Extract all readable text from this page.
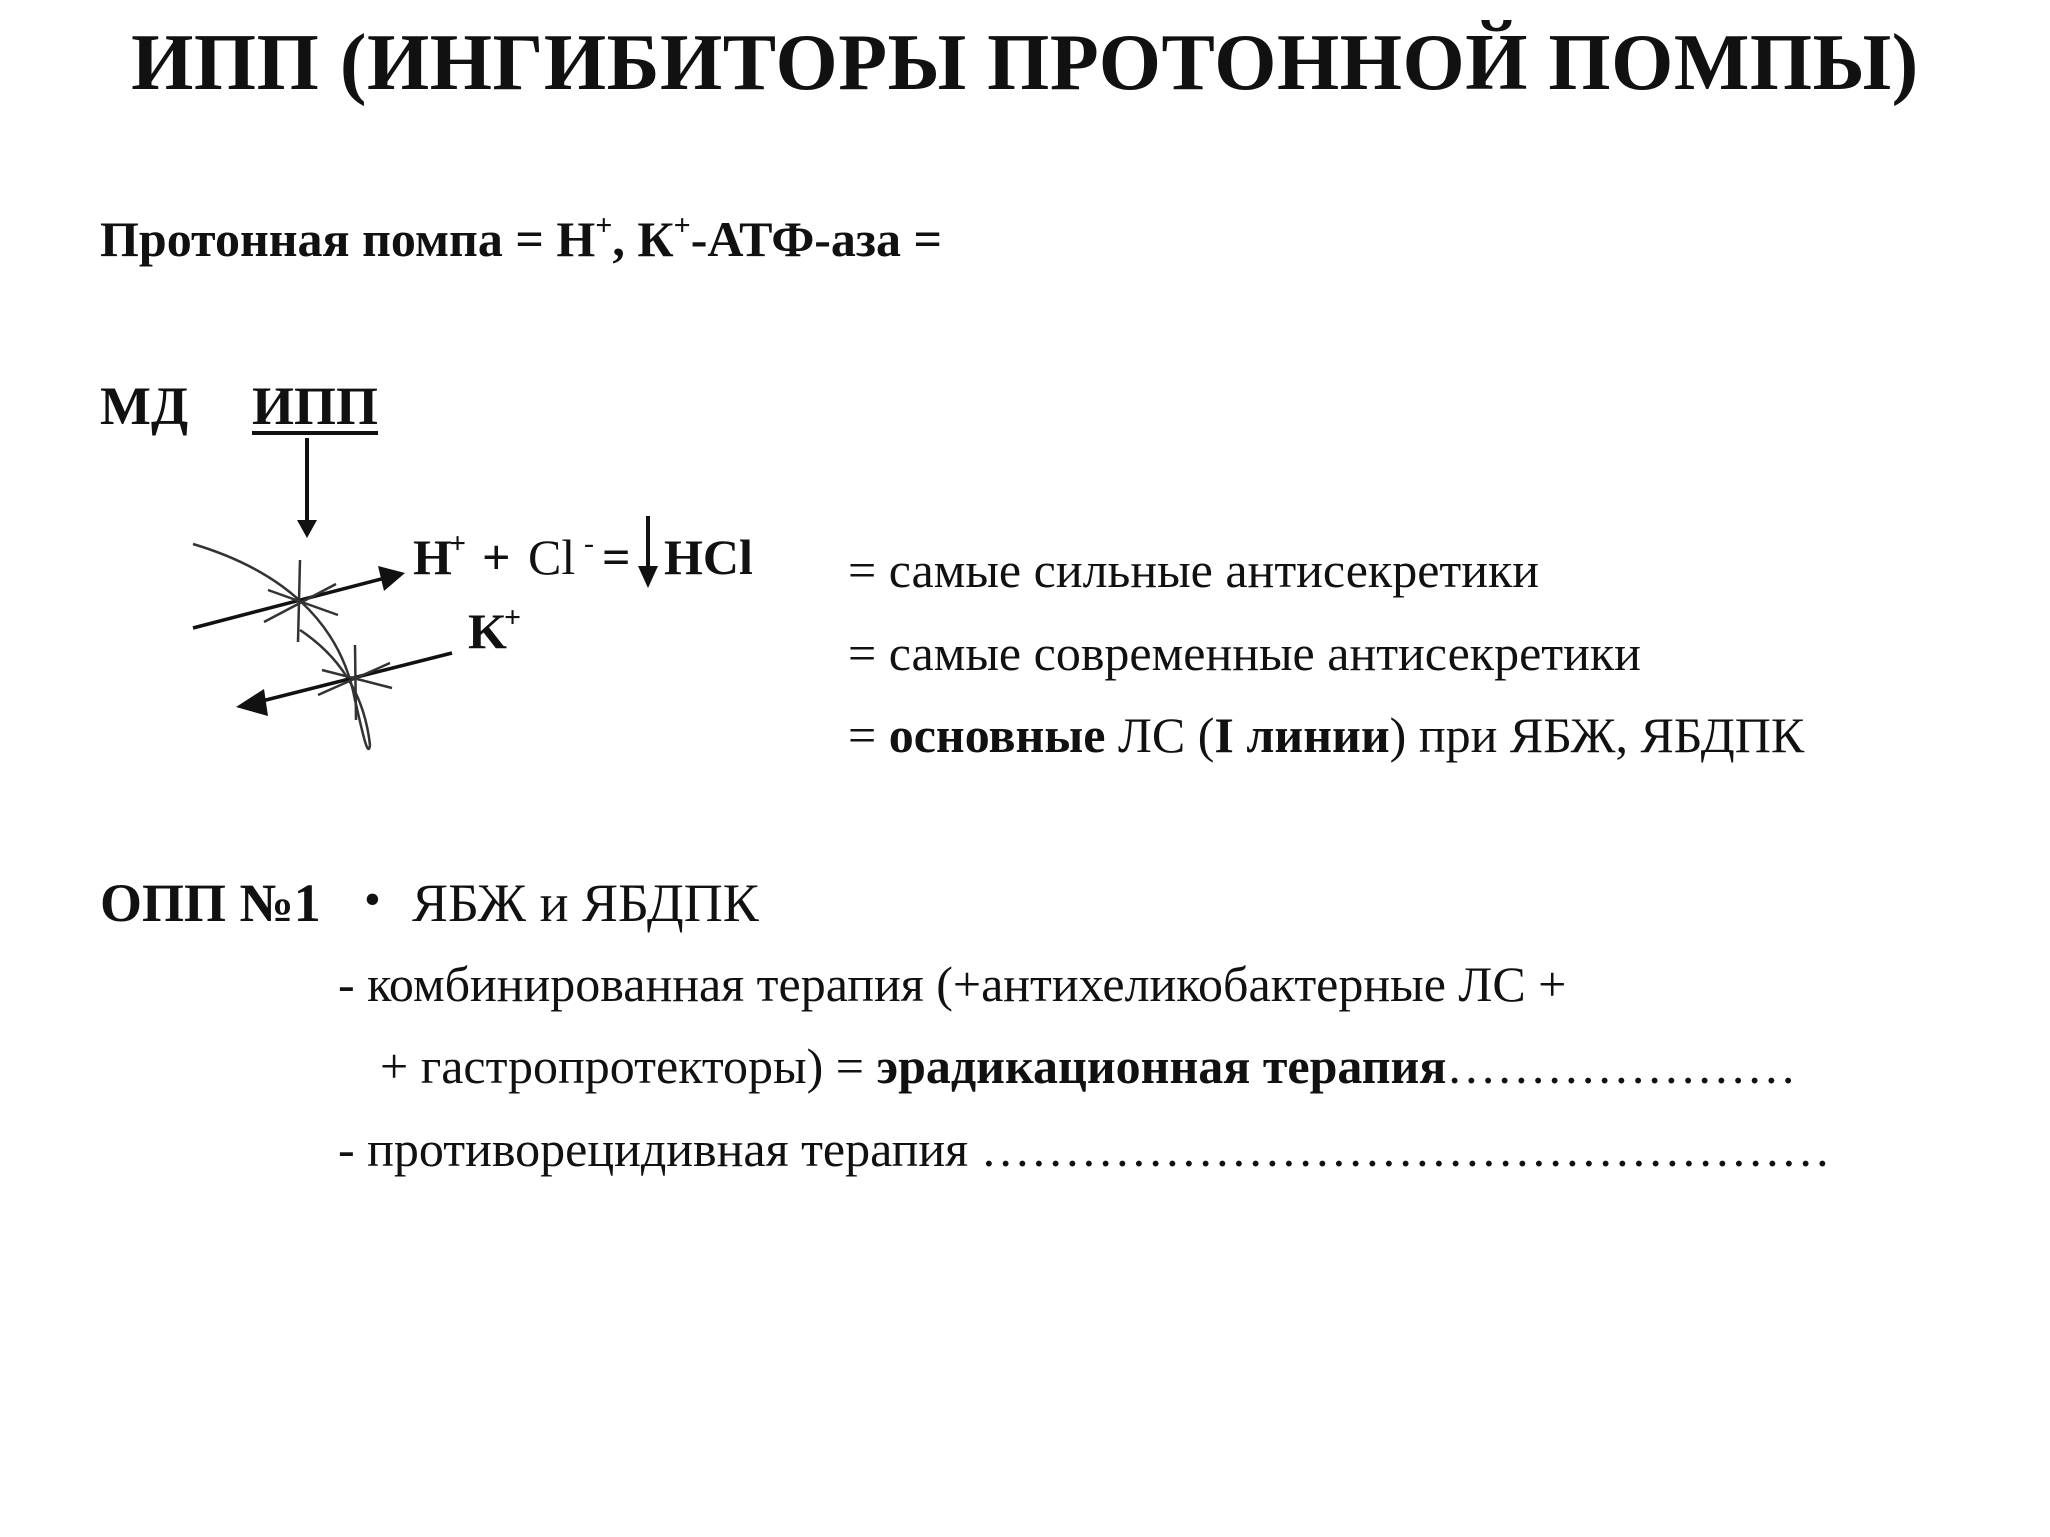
ИПП (ИНГИБИТОРЫ ПРОТОННОЙ ПОМПЫ)
Протонная помпа = Н+, К+-АТФ-аза =
МД ИПП
H
+ + Cl - = HCl
K
+
= самые сильные антисекретики
= самые современные антисекретики
= основные ЛС (I линии) при ЯБЖ, ЯБДПК
ОПП №1 • ЯБЖ и ЯБДПК
- комбинированная терапия (+антихеликобактерные ЛС +
+ гастропротекторы) = эрадикационная терапия…………………
- противорецидивная терапия ……………………………………………
